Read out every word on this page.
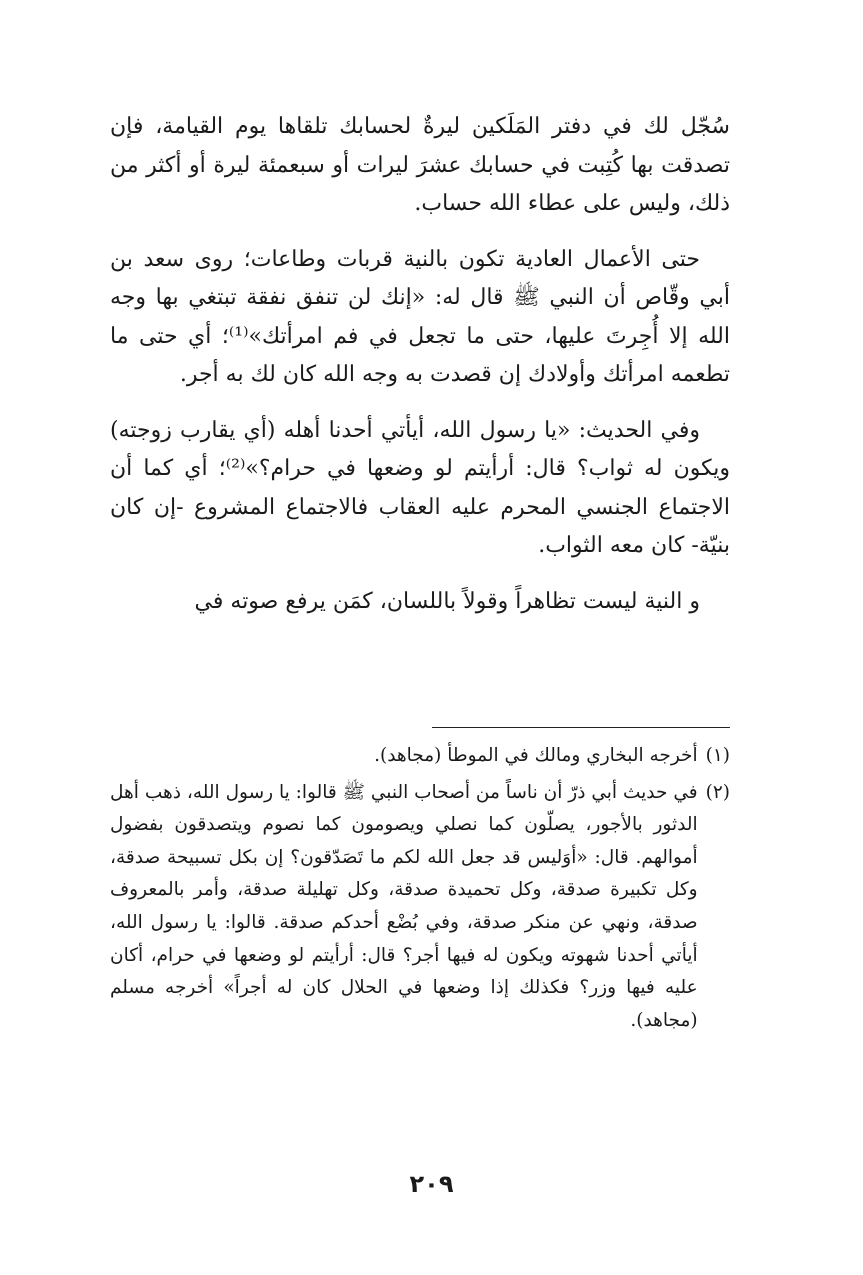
سُجّل لك في دفتر المَلَكين ليرةٌ لحسابك تلقاها يوم القيامة، فإن تصدقت بها كُتِبت في حسابك عشرَ ليرات أو سبعمئة ليرة أو أكثر من ذلك، وليس على عطاء الله حساب.

حتى الأعمال العادية تكون بالنية قربات وطاعات؛ روى سعد بن أبي وقّاص أن النبي ﷺ قال له: «إنك لن تنفق نفقة تبتغي بها وجه الله إلا أُجِرتَ عليها، حتى ما تجعل في فم امرأتك»⁽¹⁾؛ أي حتى ما تطعمه امرأتك وأولادك إن قصدت به وجه الله كان لك به أجر.

وفي الحديث: «يا رسول الله، أيأتي أحدنا أهله (أي يقارب زوجته) ويكون له ثواب؟ قال: أرأيتم لو وضعها في حرام؟»⁽²⁾؛ أي كما أن الاجتماع الجنسي المحرم عليه العقاب فالاجتماع المشروع -إن كان بنيّة- كان معه الثواب.

و النية ليست تظاهراً وقولاً باللسان، كمَن يرفع صوته في

(١)
أخرجه البخاري ومالك في الموطأ (مجاهد).
(٢)
في حديث أبي ذرّ أن ناساً من أصحاب النبي ﷺ قالوا: يا رسول الله، ذهب أهل الدثور بالأجور، يصلّون كما نصلي ويصومون كما نصوم ويتصدقون بفضول أموالهم. قال: «أوَليس قد جعل الله لكم ما تَصَدّقون؟ إن بكل تسبيحة صدقة، وكل تكبيرة صدقة، وكل تحميدة صدقة، وكل تهليلة صدقة، وأمر بالمعروف صدقة، ونهي عن منكر صدقة، وفي بُضْع أحدكم صدقة. قالوا: يا رسول الله، أيأتي أحدنا شهوته ويكون له فيها أجر؟ قال: أرأيتم لو وضعها في حرام، أكان عليه فيها وزر؟ فكذلك إذا وضعها في الحلال كان له أجراً» أخرجه مسلم (مجاهد).
٢٠٩
